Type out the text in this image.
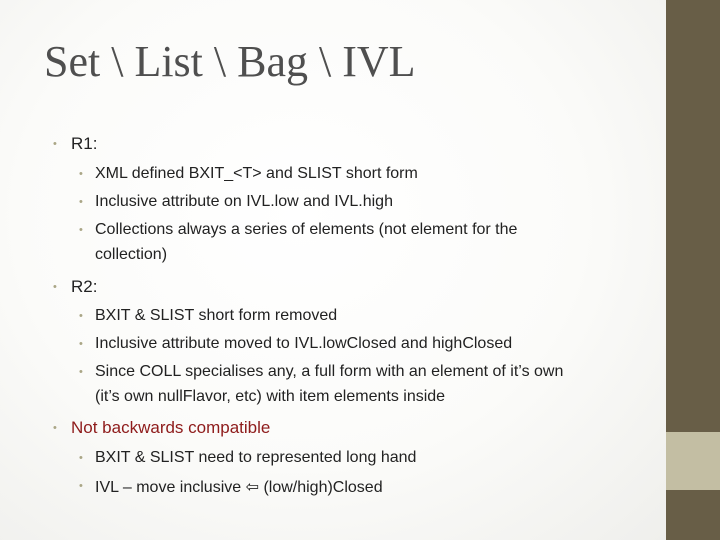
Set \ List \ Bag \ IVL
• R1:
• XML defined BXIT_<T> and SLIST short form
• Inclusive attribute on IVL.low and IVL.high
• Collections always a series of elements (not element for the
collection)
• R2:
• BXIT & SLIST short form removed
• Inclusive attribute moved to IVL.lowClosed and highClosed
• Since COLL specialises any, a full form with an element of it’s own
(it’s own nullFlavor, etc) with item elements inside
• Not backwards compatible
• BXIT & SLIST need to represented long hand
• IVL – move inclusive ⇦ (low/high)Closed
